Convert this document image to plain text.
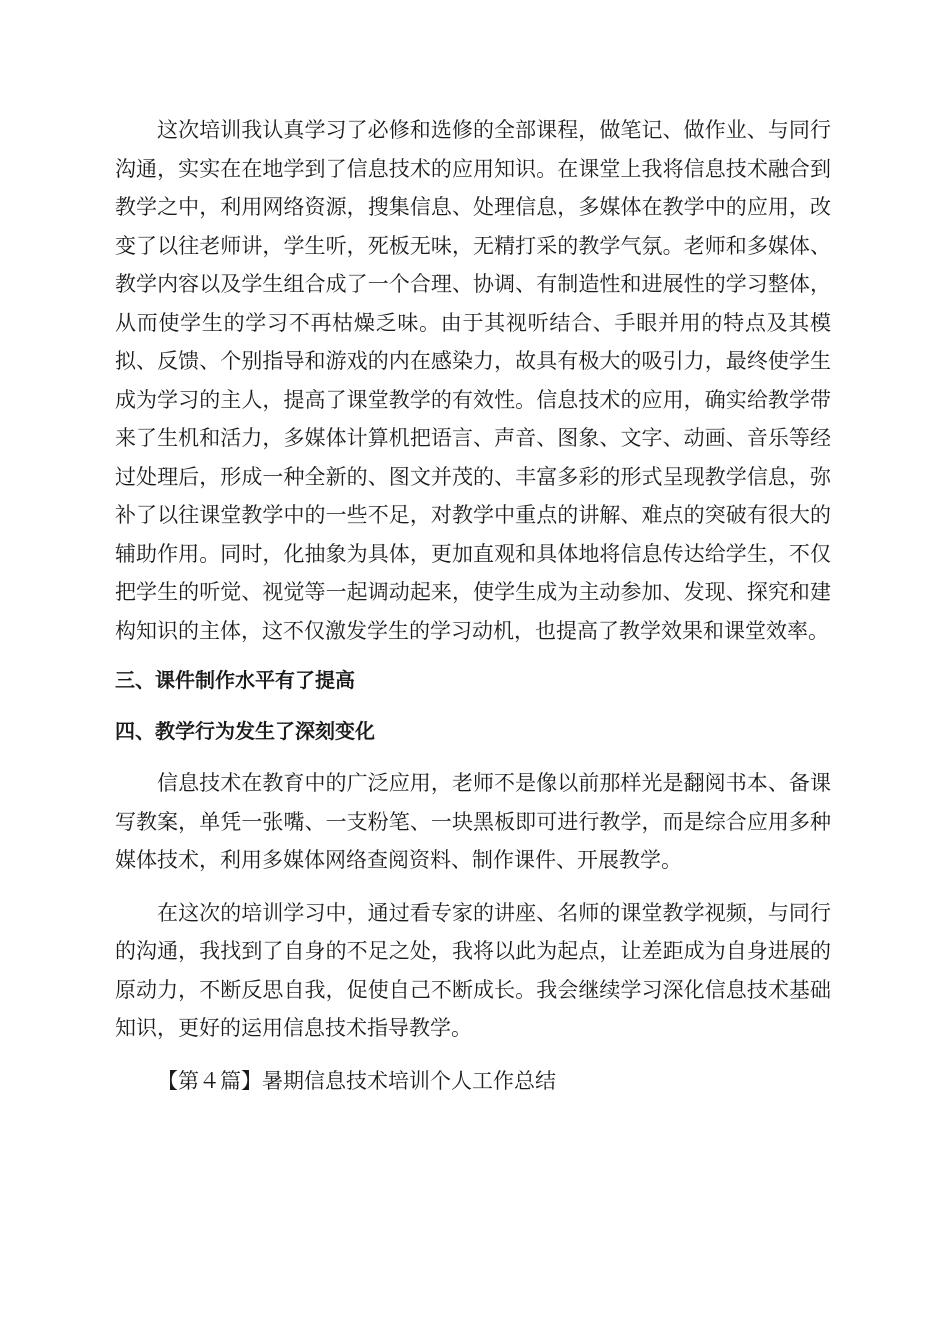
这次培训我认真学习了必修和选修的全部课程，做笔记、做作业、与同行沟通，实实在在地学到了信息技术的应用知识。在课堂上我将信息技术融合到教学之中，利用网络资源，搜集信息、处理信息，多媒体在教学中的应用，改变了以往老师讲，学生听，死板无味，无精打采的教学气氛。老师和多媒体、教学内容以及学生组合成了一个合理、协调、有制造性和进展性的学习整体，从而使学生的学习不再枯燥乏味。由于其视听结合、手眼并用的特点及其模拟、反馈、个别指导和游戏的内在感染力，故具有极大的吸引力，最终使学生成为学习的主人，提高了课堂教学的有效性。信息技术的应用，确实给教学带来了生机和活力，多媒体计算机把语言、声音、图象、文字、动画、音乐等经过处理后，形成一种全新的、图文并茂的、丰富多彩的形式呈现教学信息，弥补了以往课堂教学中的一些不足，对教学中重点的讲解、难点的突破有很大的辅助作用。同时，化抽象为具体，更加直观和具体地将信息传达给学生，不仅把学生的听觉、视觉等一起调动起来，使学生成为主动参加、发现、探究和建构知识的主体，这不仅激发学生的学习动机，也提高了教学效果和课堂效率。

三、课件制作水平有了提高

四、教学行为发生了深刻变化

信息技术在教育中的广泛应用，老师不是像以前那样光是翻阅书本、备课写教案，单凭一张嘴、一支粉笔、一块黑板即可进行教学，而是综合应用多种媒体技术，利用多媒体网络查阅资料、制作课件、开展教学。

在这次的培训学习中，通过看专家的讲座、名师的课堂教学视频，与同行的沟通，我找到了自身的不足之处，我将以此为起点，让差距成为自身进展的原动力，不断反思自我，促使自己不断成长。我会继续学习深化信息技术基础知识，更好的运用信息技术指导教学。

【第４篇】暑期信息技术培训个人工作总结
